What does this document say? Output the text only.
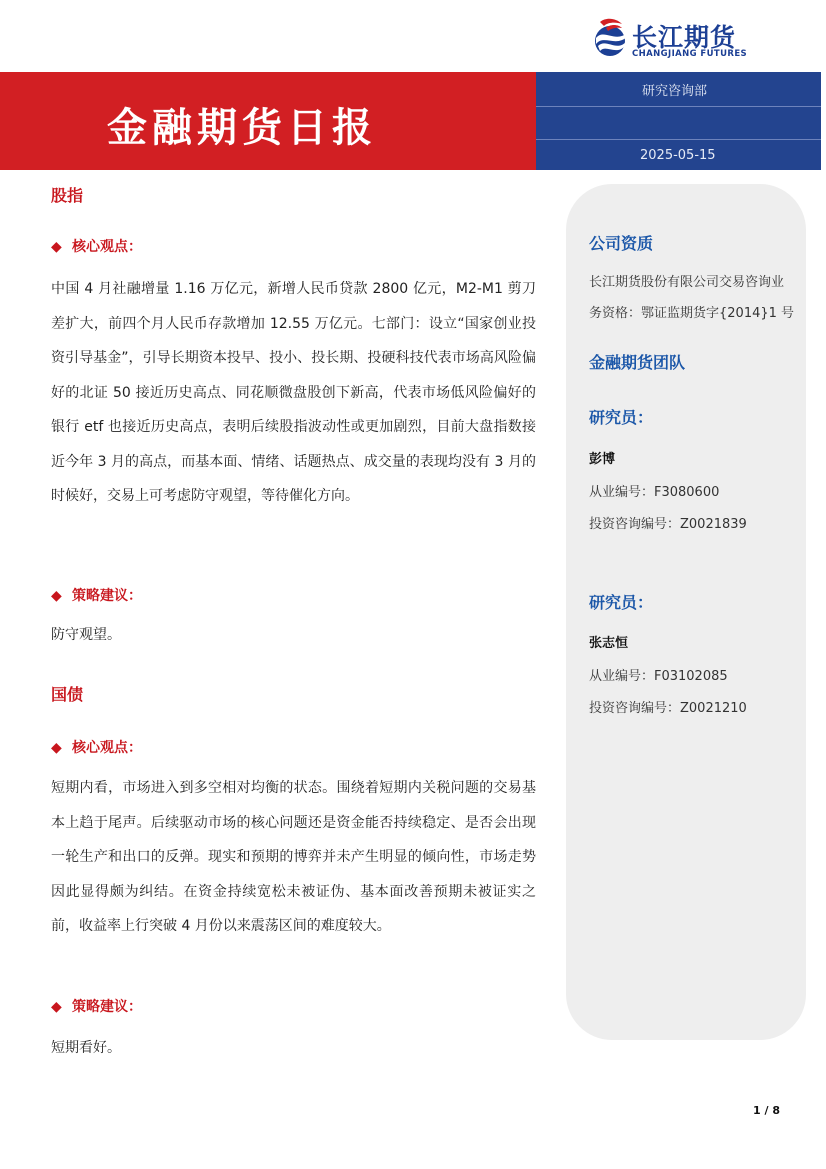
长江期货
CHANGJIANG FUTURES
金融期货日报
研究咨询部
2025-05-15
股指
◆ 核心观点：
中国 4 月社融增量 1.16 万亿元，新增人民币贷款 2800 亿元，M2-M1 剪刀差扩大，前四个月人民币存款增加 12.55 万亿元。七部门：设立“国家创业投资引导基金”，引导长期资本投早、投小、投长期、投硬科技代表市场高风险偏好的北证 50 接近历史高点、同花顺微盘股创下新高，代表市场低风险偏好的银行 etf 也接近历史高点，表明后续股指波动性或更加剧烈，目前大盘指数接近今年 3 月的高点，而基本面、情绪、话题热点、成交量的表现均没有 3 月的时候好，交易上可考虑防守观望，等待催化方向。
◆ 策略建议：
防守观望。
国债
◆ 核心观点：
短期内看，市场进入到多空相对均衡的状态。围绕着短期内关税问题的交易基本上趋于尾声。后续驱动市场的核心问题还是资金能否持续稳定、是否会出现一轮生产和出口的反弹。现实和预期的博弈并未产生明显的倾向性，市场走势因此显得颇为纠结。在资金持续宽松未被证伪、基本面改善预期未被证实之前，收益率上行突破 4 月份以来震荡区间的难度较大。
◆ 策略建议：
短期看好。
公司资质
长江期货股份有限公司交易咨询业
务资格：鄂证监期货字{2014}1 号
金融期货团队
研究员：
彭博
从业编号：F3080600
投资咨询编号：Z0021839
研究员：
张志恒
从业编号：F03102085
投资咨询编号：Z0021210
1 / 8
